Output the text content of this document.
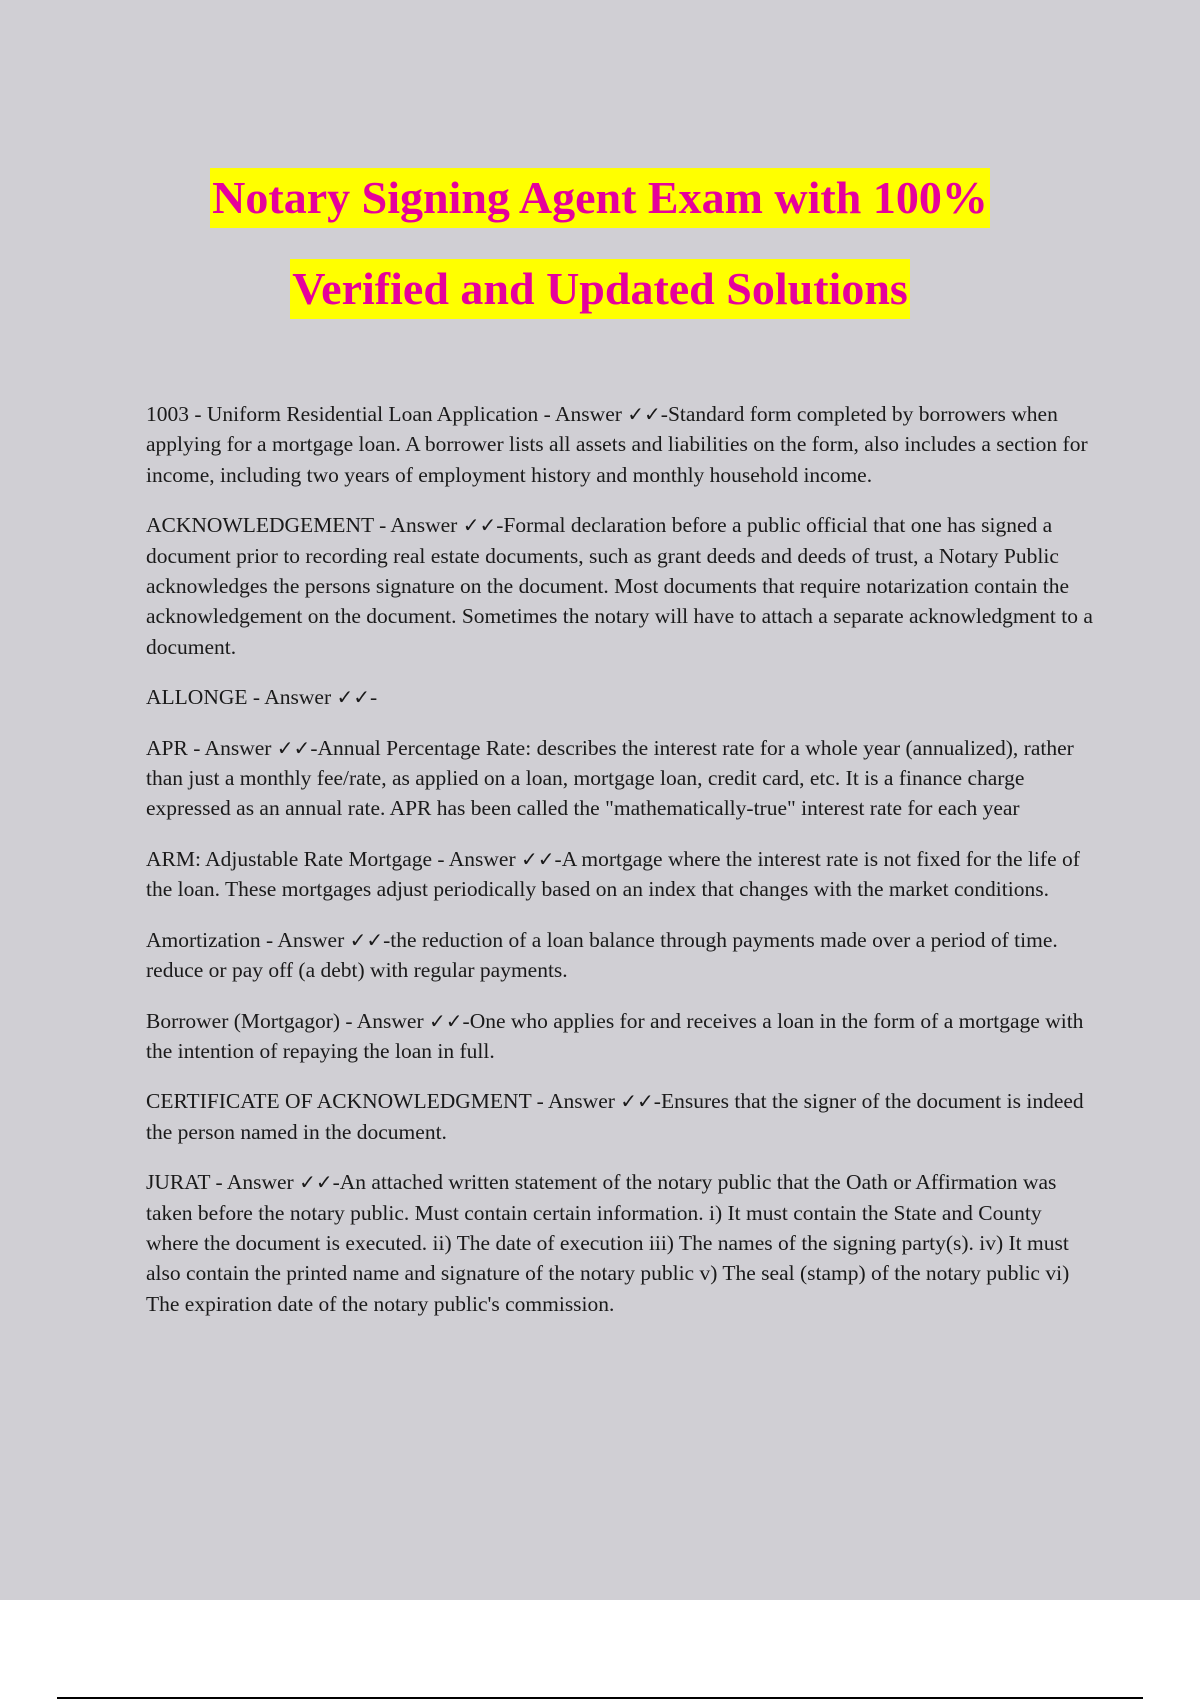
Notary Signing Agent Exam with 100%
Verified and Updated Solutions

1003 - Uniform Residential Loan Application - Answer ✓✓-Standard form completed by borrowers when applying for a mortgage loan. A borrower lists all assets and liabilities on the form, also includes a section for income, including two years of employment history and monthly household income.

ACKNOWLEDGEMENT - Answer ✓✓-Formal declaration before a public official that one has signed a document prior to recording real estate documents, such as grant deeds and deeds of trust, a Notary Public acknowledges the persons signature on the document. Most documents that require notarization contain the acknowledgement on the document. Sometimes the notary will have to attach a separate acknowledgment to a document.

ALLONGE - Answer ✓✓-

APR - Answer ✓✓-Annual Percentage Rate: describes the interest rate for a whole year (annualized), rather than just a monthly fee/rate, as applied on a loan, mortgage loan, credit card, etc. It is a finance charge expressed as an annual rate. APR has been called the "mathematically-true" interest rate for each year

ARM: Adjustable Rate Mortgage - Answer ✓✓-A mortgage where the interest rate is not fixed for the life of the loan. These mortgages adjust periodically based on an index that changes with the market conditions.

Amortization - Answer ✓✓-the reduction of a loan balance through payments made over a period of time. reduce or pay off (a debt) with regular payments.

Borrower (Mortgagor) - Answer ✓✓-One who applies for and receives a loan in the form of a mortgage with the intention of repaying the loan in full.

CERTIFICATE OF ACKNOWLEDGMENT - Answer ✓✓-Ensures that the signer of the document is indeed the person named in the document.

JURAT - Answer ✓✓-An attached written statement of the notary public that the Oath or Affirmation was taken before the notary public. Must contain certain information. i) It must contain the State and County where the document is executed. ii) The date of execution iii) The names of the signing party(s). iv) It must also contain the printed name and signature of the notary public v) The seal (stamp) of the notary public vi) The expiration date of the notary public's commission.
